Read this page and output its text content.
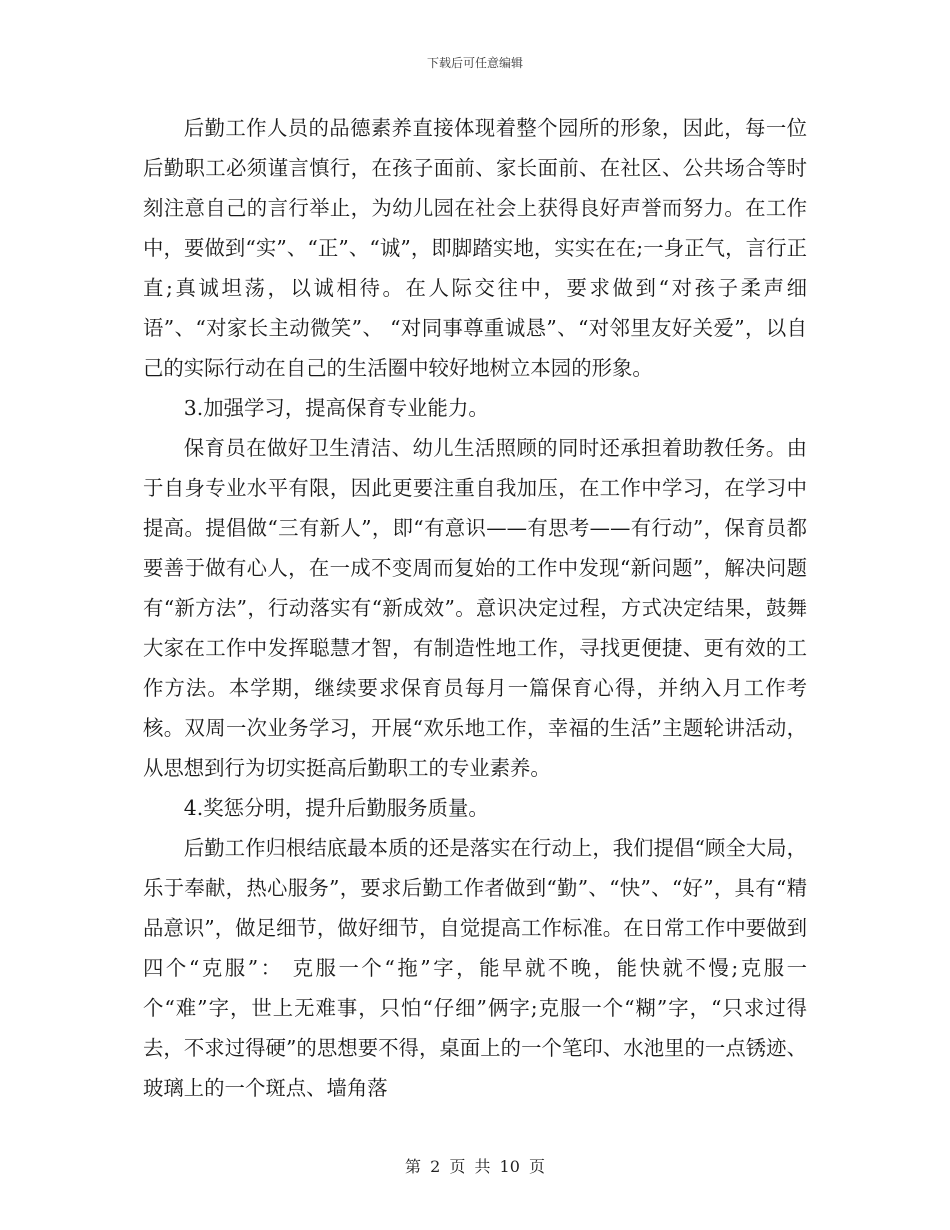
下载后可任意编辑

后勤工作人员的品德素养直接体现着整个园所的形象，因此，每一位后勤职工必须谨言慎行，在孩子面前、家长面前、在社区、公共场合等时刻注意自己的言行举止，为幼儿园在社会上获得良好声誉而努力。在工作中，要做到“实”、“正”、“诚”，即脚踏实地，实实在在;一身正气，言行正直;真诚坦荡，以诚相待。在人际交往中，要求做到“对孩子柔声细语”、“对家长主动微笑”、 “对同事尊重诚恳”、“对邻里友好关爱”，以自己的实际行动在自己的生活圈中较好地树立本园的形象。

3.加强学习，提高保育专业能力。

保育员在做好卫生清洁、幼儿生活照顾的同时还承担着助教任务。由于自身专业水平有限，因此更要注重自我加压，在工作中学习，在学习中提高。提倡做“三有新人”，即“有意识——有思考——有行动”，保育员都要善于做有心人，在一成不变周而复始的工作中发现“新问题”，解决问题有“新方法”，行动落实有“新成效”。意识决定过程，方式决定结果，鼓舞大家在工作中发挥聪慧才智，有制造性地工作，寻找更便捷、更有效的工作方法。本学期，继续要求保育员每月一篇保育心得，并纳入月工作考核。双周一次业务学习，开展“欢乐地工作，幸福的生活”主题轮讲活动，从思想到行为切实挺高后勤职工的专业素养。

4.奖惩分明，提升后勤服务质量。

后勤工作归根结底最本质的还是落实在行动上，我们提倡“顾全大局，乐于奉献，热心服务”，要求后勤工作者做到“勤”、“快”、“好”，具有“精品意识”，做足细节，做好细节，自觉提高工作标准。在日常工作中要做到四个“克服”： 克服一个“拖”字，能早就不晚，能快就不慢;克服一个“难”字，世上无难事，只怕“仔细”俩字;克服一个“糊”字，“只求过得去，不求过得硬”的思想要不得，桌面上的一个笔印、水池里的一点锈迹、玻璃上的一个斑点、墙角落

第 2 页 共 10 页
